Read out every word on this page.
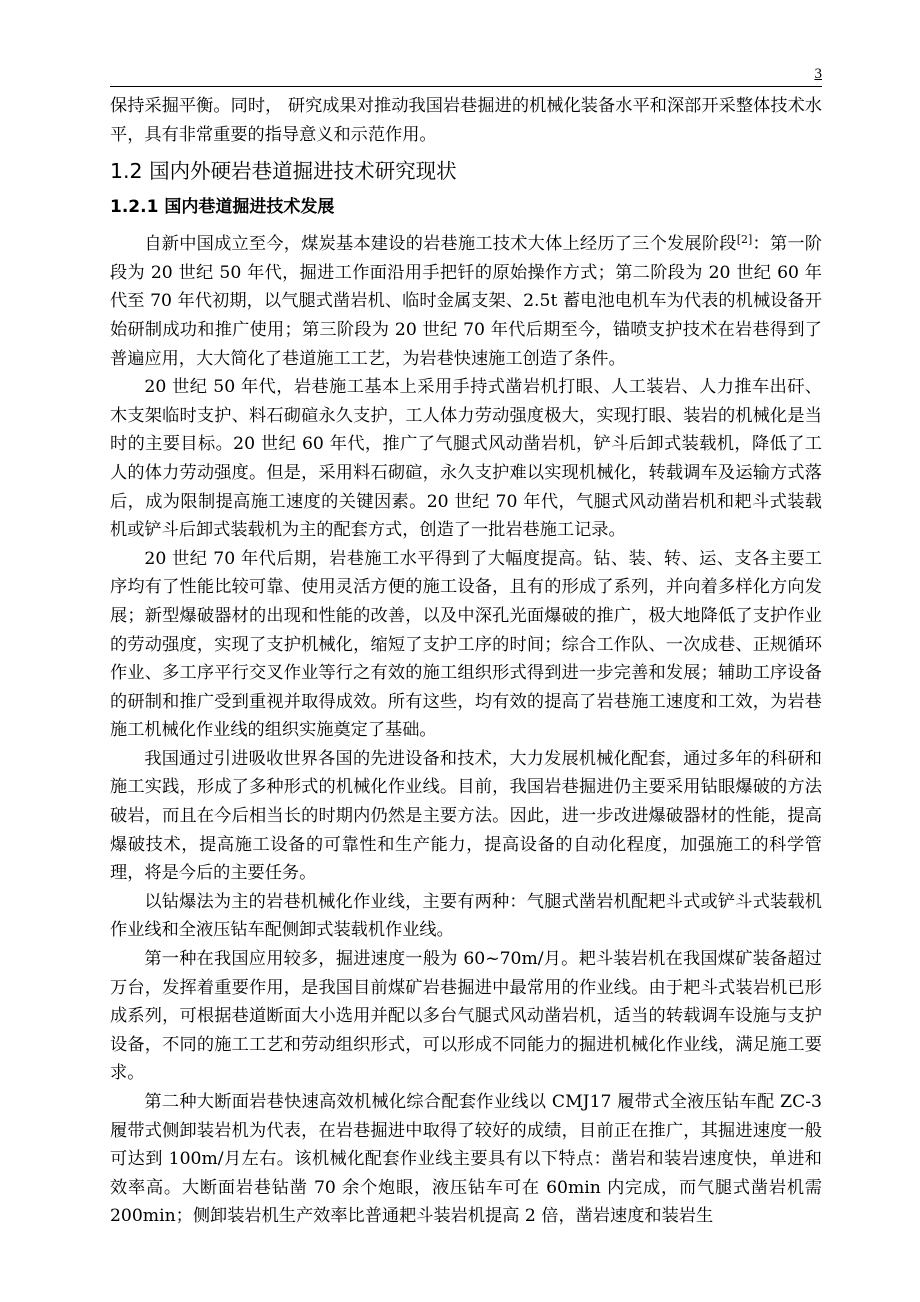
3

保持采掘平衡。同时， 研究成果对推动我国岩巷掘进的机械化装备水平和深部开采整体技术水平，具有非常重要的指导意义和示范作用。

1.2 国内外硬岩巷道掘进技术研究现状
1.2.1 国内巷道掘进技术发展

自新中国成立至今，煤炭基本建设的岩巷施工技术大体上经历了三个发展阶段[2]：第一阶段为 20 世纪 50 年代，掘进工作面沿用手把钎的原始操作方式；第二阶段为 20 世纪 60 年代至 70 年代初期，以气腿式凿岩机、临时金属支架、2.5t 蓄电池电机车为代表的机械设备开始研制成功和推广使用；第三阶段为 20 世纪 70 年代后期至今，锚喷支护技术在岩巷得到了普遍应用，大大简化了巷道施工工艺，为岩巷快速施工创造了条件。

20 世纪 50 年代，岩巷施工基本上采用手持式凿岩机打眼、人工装岩、人力推车出矸、木支架临时支护、料石砌碹永久支护，工人体力劳动强度极大，实现打眼、装岩的机械化是当时的主要目标。20 世纪 60 年代，推广了气腿式风动凿岩机，铲斗后卸式装载机，降低了工人的体力劳动强度。但是，采用料石砌碹，永久支护难以实现机械化，转载调车及运输方式落后，成为限制提高施工速度的关键因素。20 世纪 70 年代，气腿式风动凿岩机和耙斗式装载机或铲斗后卸式装载机为主的配套方式，创造了一批岩巷施工记录。

20 世纪 70 年代后期，岩巷施工水平得到了大幅度提高。钻、装、转、运、支各主要工序均有了性能比较可靠、使用灵活方便的施工设备，且有的形成了系列，并向着多样化方向发展；新型爆破器材的出现和性能的改善，以及中深孔光面爆破的推广，极大地降低了支护作业的劳动强度，实现了支护机械化，缩短了支护工序的时间；综合工作队、一次成巷、正规循环作业、多工序平行交叉作业等行之有效的施工组织形式得到进一步完善和发展；辅助工序设备的研制和推广受到重视并取得成效。所有这些，均有效的提高了岩巷施工速度和工效，为岩巷施工机械化作业线的组织实施奠定了基础。

我国通过引进吸收世界各国的先进设备和技术，大力发展机械化配套，通过多年的科研和施工实践，形成了多种形式的机械化作业线。目前，我国岩巷掘进仍主要采用钻眼爆破的方法破岩，而且在今后相当长的时期内仍然是主要方法。因此，进一步改进爆破器材的性能，提高爆破技术，提高施工设备的可靠性和生产能力，提高设备的自动化程度，加强施工的科学管理，将是今后的主要任务。

以钻爆法为主的岩巷机械化作业线，主要有两种：气腿式凿岩机配耙斗式或铲斗式装载机作业线和全液压钻车配侧卸式装载机作业线。

第一种在我国应用较多，掘进速度一般为 60~70m/月。耙斗装岩机在我国煤矿装备超过万台，发挥着重要作用，是我国目前煤矿岩巷掘进中最常用的作业线。由于耙斗式装岩机已形成系列，可根据巷道断面大小选用并配以多台气腿式风动凿岩机，适当的转载调车设施与支护设备，不同的施工工艺和劳动组织形式，可以形成不同能力的掘进机械化作业线，满足施工要求。

第二种大断面岩巷快速高效机械化综合配套作业线以 CMJ17 履带式全液压钻车配 ZC-3 履带式侧卸装岩机为代表，在岩巷掘进中取得了较好的成绩，目前正在推广，其掘进速度一般可达到 100m/月左右。该机械化配套作业线主要具有以下特点：凿岩和装岩速度快，单进和效率高。大断面岩巷钻凿 70 余个炮眼，液压钻车可在 60min 内完成，而气腿式凿岩机需 200min；侧卸装岩机生产效率比普通耙斗装岩机提高 2 倍，凿岩速度和装岩生
